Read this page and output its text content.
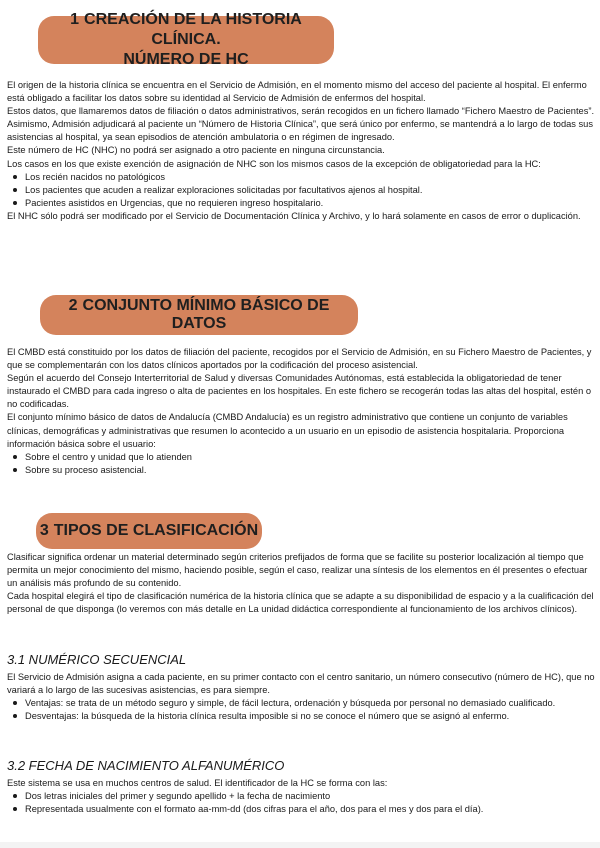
1 CREACIÓN DE LA HISTORIA CLÍNICA.
NÚMERO DE HC

El origen de la historia clínica se encuentra en el Servicio de Admisión, en el momento mismo del acceso del paciente al hospital. El enfermo está obligado a facilitar los datos sobre su identidad al Servicio de Admisión de enfermos del hospital.

Estos datos, que llamaremos datos de filiación o datos administrativos, serán recogidos en un fichero llamado “Fichero Maestro de Pacientes”.

Asimismo, Admisión adjudicará al paciente un “Número de Historia Clínica”, que será único por enfermo, se mantendrá a lo largo de todas sus asistencias al hospital, ya sean episodios de atención ambulatoria o en régimen de ingresado.

Este número de HC (NHC) no podrá ser asignado a otro paciente en ninguna circunstancia.

Los casos en los que existe exención de asignación de NHC son los mismos casos de la excepción de obligatoriedad para la HC:

Los recién nacidos no patológicos
Los pacientes que acuden a realizar exploraciones solicitadas por facultativos ajenos al hospital.
Pacientes asistidos en Urgencias, que no requieren ingreso hospitalario.

El NHC sólo podrá ser modificado por el Servicio de Documentación Clínica y Archivo, y lo hará solamente en casos de error o duplicación.

2 CONJUNTO MÍNIMO BÁSICO DE DATOS

El CMBD está constituido por los datos de filiación del paciente, recogidos por el Servicio de Admisión, en su Fichero Maestro de Pacientes, y que se complementarán con los datos clínicos aportados por la codificación del proceso asistencial.

Según el acuerdo del Consejo Interterritorial de Salud y diversas Comunidades Autónomas, está establecida la obligatoriedad de tener instaurado el CMBD para cada ingreso o alta de pacientes en los hospitales. En este fichero se recogerán todas las altas del hospital, estén o no codificadas.

El conjunto mínimo básico de datos de Andalucía (CMBD Andalucía) es un registro administrativo que contiene un conjunto de variables clínicas, demográficas y administrativas que resumen lo acontecido a un usuario en un episodio de asistencia hospitalaria. Proporciona información básica sobre el usuario:

Sobre el centro y unidad que lo atienden
Sobre su proceso asistencial.
3 TIPOS DE CLASIFICACIÓN

Clasificar significa ordenar un material determinado según criterios prefijados de forma que se facilite su posterior localización al tiempo que permita un mejor conocimiento del mismo, haciendo posible, según el caso, realizar una síntesis de los elementos en él presentes o efectuar un análisis más profundo de su contenido.

Cada hospital elegirá el tipo de clasificación numérica de la historia clínica que se adapte a su disponibilidad de espacio y a la cualificación del personal de que disponga (lo veremos con más detalle en La unidad didáctica correspondiente al funcionamiento de los archivos clínicos).

3.1 NUMÉRICO SECUENCIAL

El Servicio de Admisión asigna a cada paciente, en su primer contacto con el centro sanitario, un número consecutivo (número de HC), que no variará a lo largo de las sucesivas asistencias, es para siempre.

Ventajas: se trata de un método seguro y simple, de fácil lectura, ordenación y búsqueda por personal no demasiado cualificado.
Desventajas: la búsqueda de la historia clínica resulta imposible si no se conoce el número que se asignó al enfermo.
3.2 FECHA DE NACIMIENTO ALFANUMÉRICO

Este sistema se usa en muchos centros de salud. El identificador de la HC se forma con las:

Dos letras iniciales del primer y segundo apellido + la fecha de nacimiento
Representada usualmente con el formato aa-mm-dd (dos cifras para el año, dos para el mes y dos para el día).
